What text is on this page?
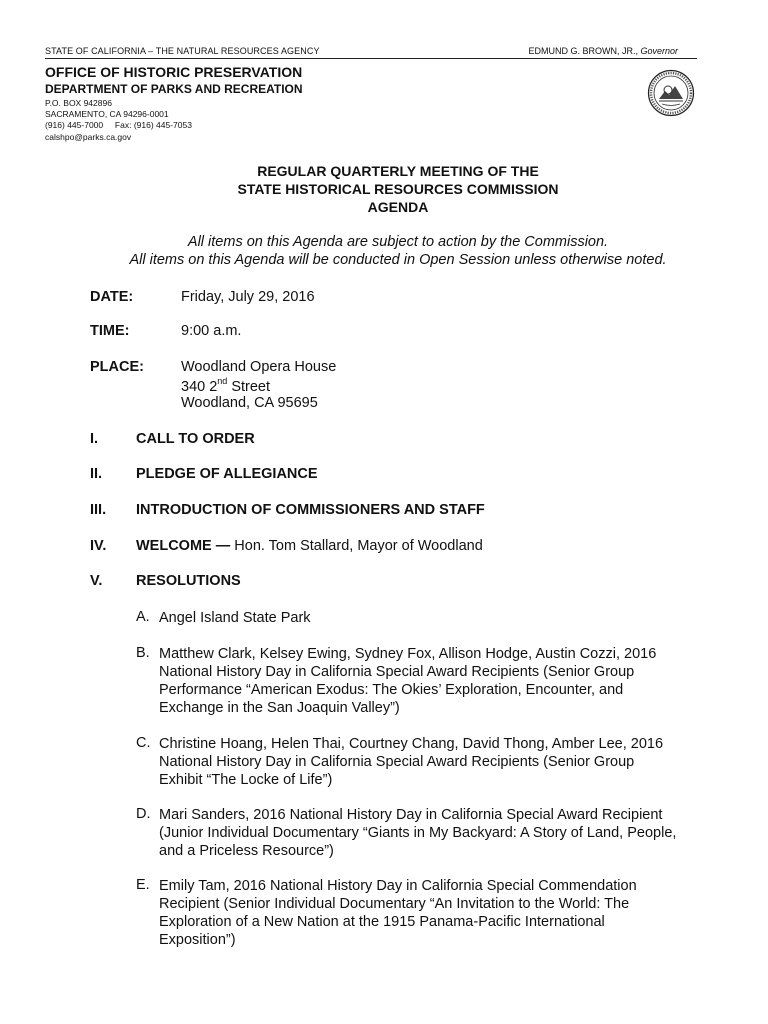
STATE OF CALIFORNIA – THE NATURAL RESOURCES AGENCY	EDMUND G. BROWN, JR., Governor
OFFICE OF HISTORIC PRESERVATION
DEPARTMENT OF PARKS AND RECREATION
P.O. BOX 942896
SACRAMENTO, CA 94296-0001
(916) 445-7000     Fax: (916) 445-7053
calshpo@parks.ca.gov
REGULAR QUARTERLY MEETING OF THE
STATE HISTORICAL RESOURCES COMMISSION
AGENDA
All items on this Agenda are subject to action by the Commission.
All items on this Agenda will be conducted in Open Session unless otherwise noted.
DATE:	Friday, July 29, 2016
TIME:	9:00 a.m.
PLACE:	Woodland Opera House
340 2nd Street
Woodland, CA 95695
I.	CALL TO ORDER
II. PLEDGE OF ALLEGIANCE
III. INTRODUCTION OF COMMISSIONERS AND STAFF
IV. WELCOME — Hon. Tom Stallard, Mayor of Woodland
V. RESOLUTIONS
A. Angel Island State Park
B. Matthew Clark, Kelsey Ewing, Sydney Fox, Allison Hodge, Austin Cozzi, 2016
National History Day in California Special Award Recipients (Senior Group
Performance “American Exodus: The Okies’ Exploration, Encounter, and
Exchange in the San Joaquin Valley”)
C. Christine Hoang, Helen Thai, Courtney Chang, David Thong, Amber Lee, 2016
National History Day in California Special Award Recipients (Senior Group
Exhibit “The Locke of Life”)
D. Mari Sanders, 2016 National History Day in California Special Award Recipient
(Junior Individual Documentary “Giants in My Backyard: A Story of Land, People,
and a Priceless Resource”)
E. Emily Tam, 2016 National History Day in California Special Commendation
Recipient (Senior Individual Documentary “An Invitation to the World: The
Exploration of a New Nation at the 1915 Panama-Pacific International
Exposition”)
